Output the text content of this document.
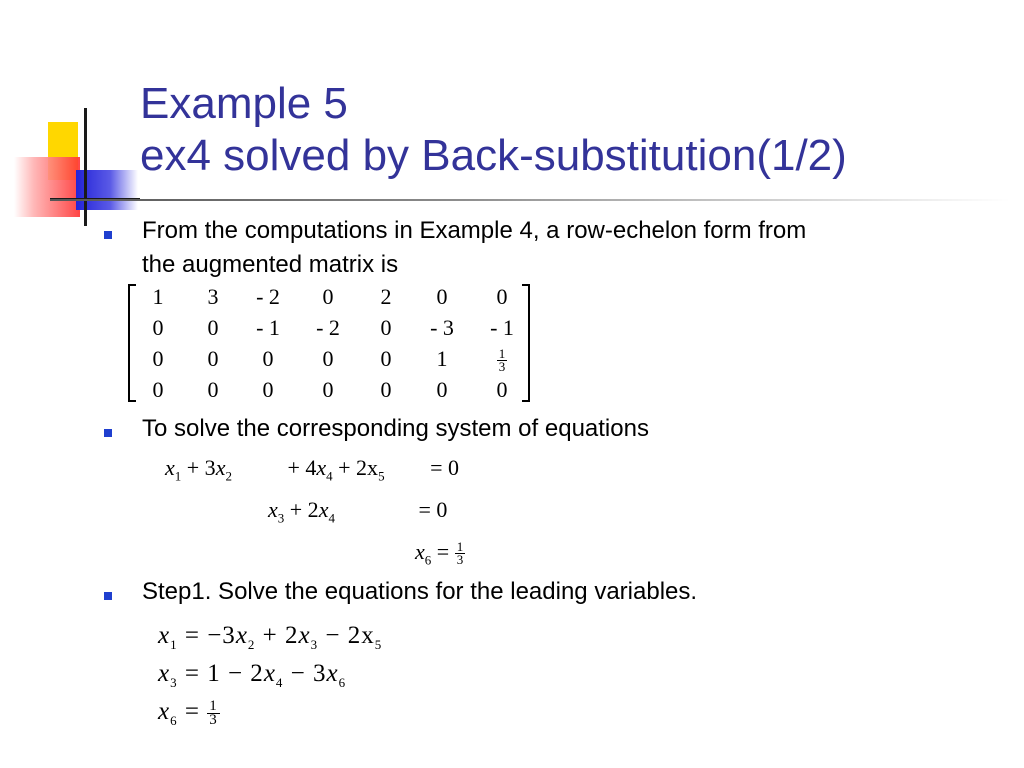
Example 5
ex4 solved by Back-substitution(1/2)
From the computations in Example 4, a row-echelon form from
the augmented matrix is
1	3	- 2	0	2	0	0
0	0	- 1	- 2	0	- 3	- 1
0	0	0	0	0	1	$\frac{1}{3}$
0	0	0	0	0	0	0
To solve the corresponding system of equations
$x_1 + 3x_2$	+ $4x_4 + 2x_5 = 0$
$x_3 + 2x_4$	= 0
$x_6 = \frac{1}{3}$
Step1. Solve the equations for the leading variables.
$x_1 = -3x_2 + 2x_3 - 2x_5$
$x_3 = 1 - 2x_4 - 3x_6$
$x_6 = \frac{1}{3}$
